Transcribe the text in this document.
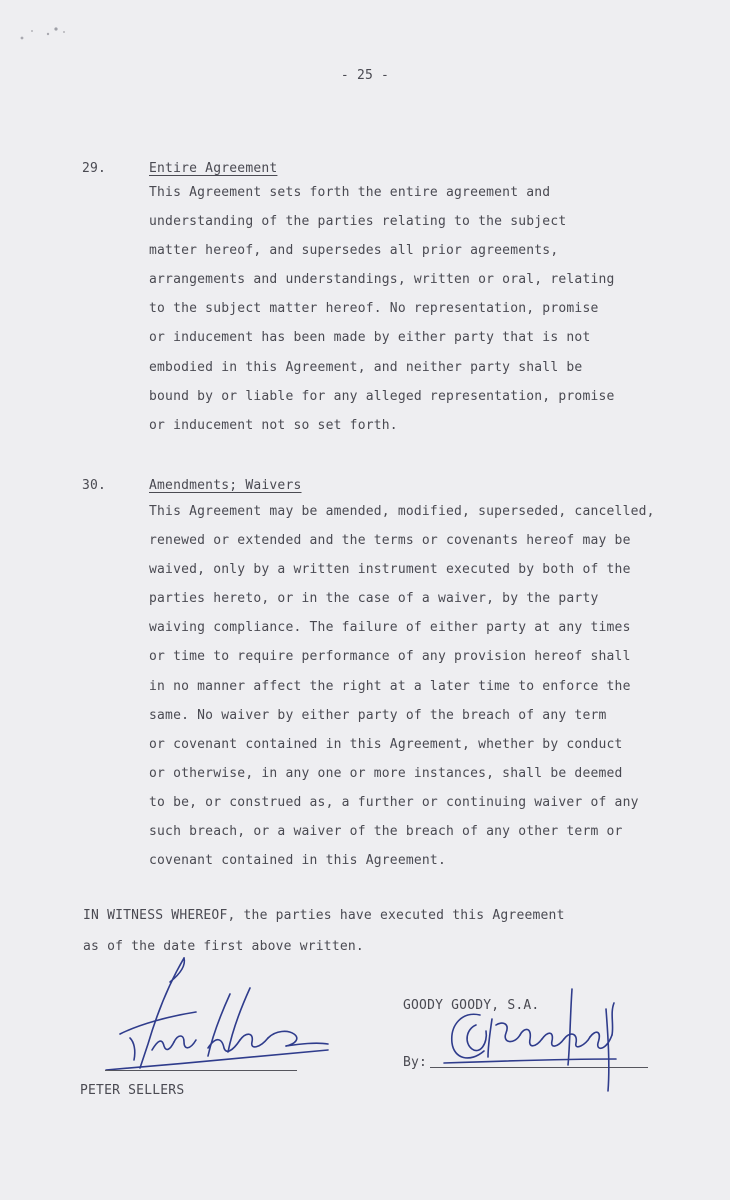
- 25 -
29.	Entire Agreement
This Agreement sets forth the entire agreement and
understanding of the parties relating to the subject
matter hereof, and supersedes all prior agreements,
arrangements and understandings, written or oral, relating
to the subject matter hereof. No representation, promise
or inducement has been made by either party that is not
embodied in this Agreement, and neither party shall be
bound by or liable for any alleged representation, promise
or inducement not so set forth.
30.	Amendments; Waivers
This Agreement may be amended, modified, superseded, cancelled,
renewed or extended and the terms or covenants hereof may be
waived, only by a written instrument executed by both of the
parties hereto, or in the case of a waiver, by the party
waiving compliance. The failure of either party at any times
or time to require performance of any provision hereof shall
in no manner affect the right at a later time to enforce the
same. No waiver by either party of the breach of any term
or covenant contained in this Agreement, whether by conduct
or otherwise, in any one or more instances, shall be deemed
to be, or construed as, a further or continuing waiver of any
such breach, or a waiver of the breach of any other term or
covenant contained in this Agreement.
IN WITNESS WHEREOF, the parties have executed this Agreement
as of the date first above written.
PETER SELLERS
GOODY GOODY, S.A.
By:
